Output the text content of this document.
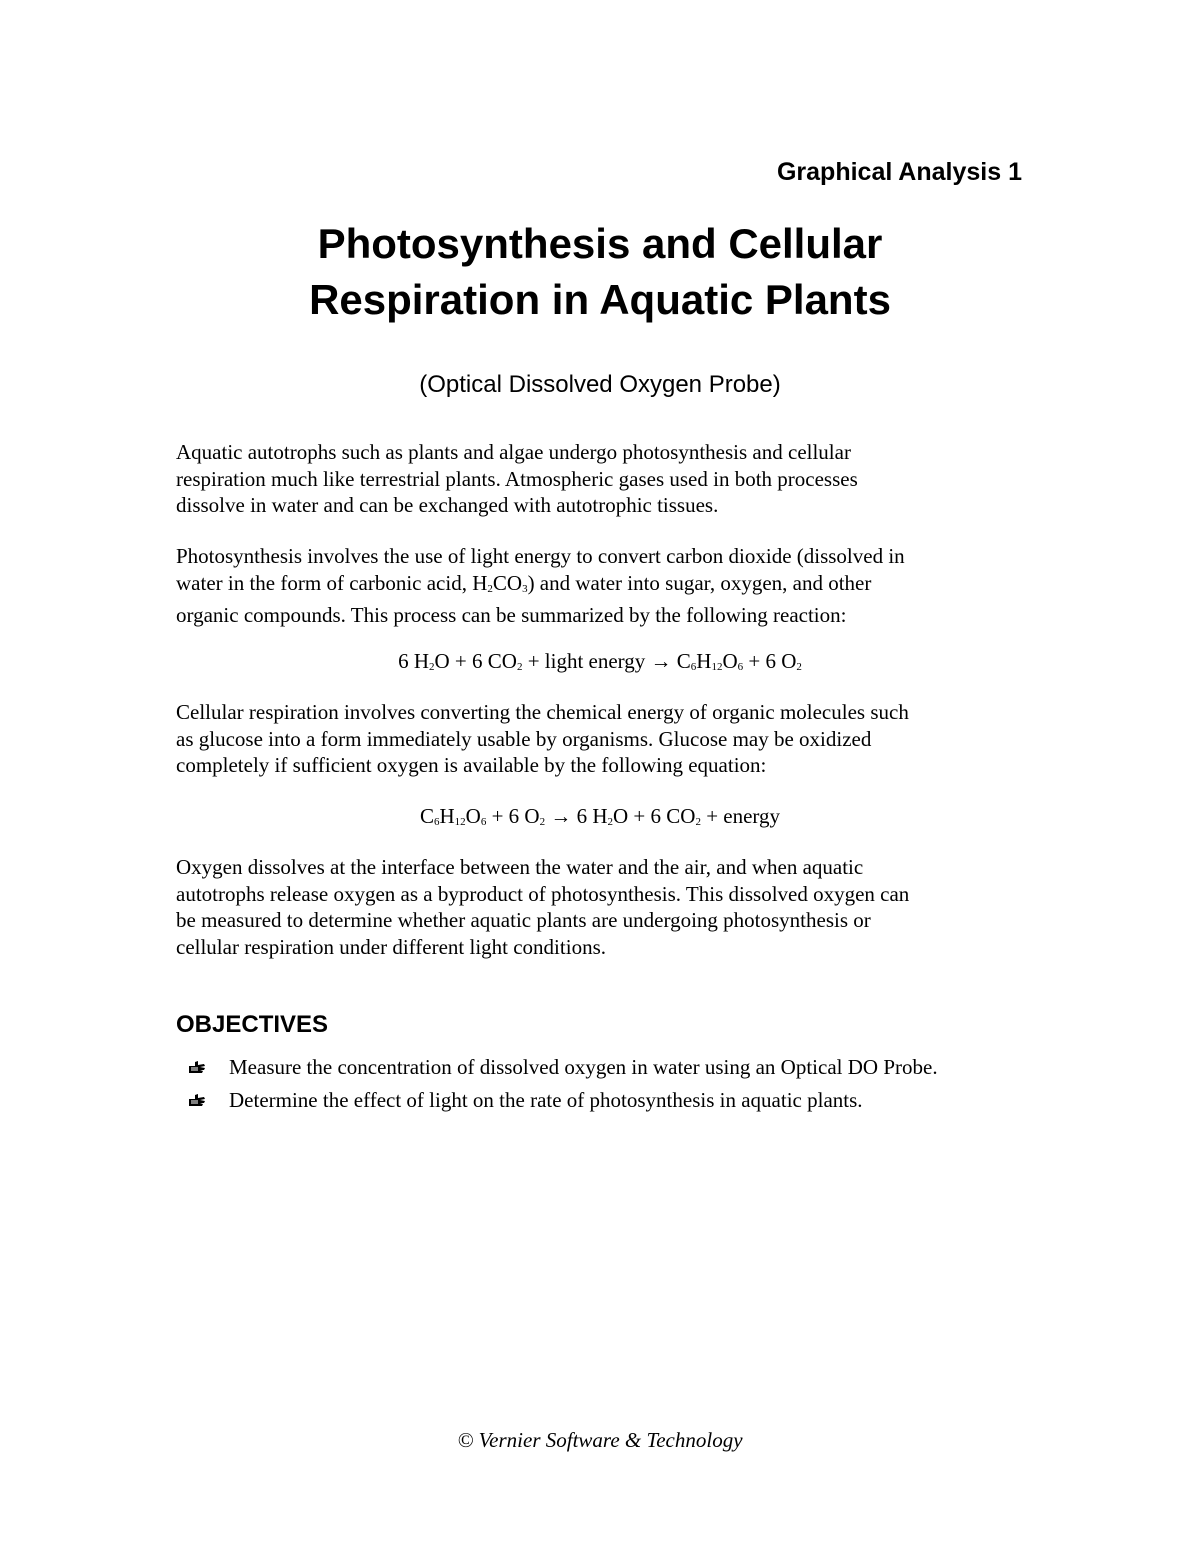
Graphical Analysis 1
Photosynthesis and Cellular
Respiration in Aquatic Plants
(Optical Dissolved Oxygen Probe)
Aquatic autotrophs such as plants and algae undergo photosynthesis and cellular
respiration much like terrestrial plants. Atmospheric gases used in both processes
dissolve in water and can be exchanged with autotrophic tissues.
Photosynthesis involves the use of light energy to convert carbon dioxide (dissolved in
water in the form of carbonic acid, $H_2CO_3$) and water into sugar, oxygen, and other
organic compounds. This process can be summarized by the following reaction:
6 $H_2O + 6$ $CO_2$ + light energy → $C_6H_{12}O_6 + 6$ $O_2$
Cellular respiration involves converting the chemical energy of organic molecules such
as glucose into a form immediately usable by organisms. Glucose may be oxidized
completely if sufficient oxygen is available by the following equation:
$C_6H_{12}O_6 + 6$ $O_2 \to 6$ $H_2O + 6$ $CO_2$ + energy
Oxygen dissolves at the interface between the water and the air, and when aquatic
autotrophs release oxygen as a byproduct of photosynthesis. This dissolved oxygen can
be measured to determine whether aquatic plants are undergoing photosynthesis or
cellular respiration under different light conditions.
OBJECTIVES
Measure the concentration of dissolved oxygen in water using an Optical DO Probe.
Determine the effect of light on the rate of photosynthesis in aquatic plants.
© Vernier Software & Technology
